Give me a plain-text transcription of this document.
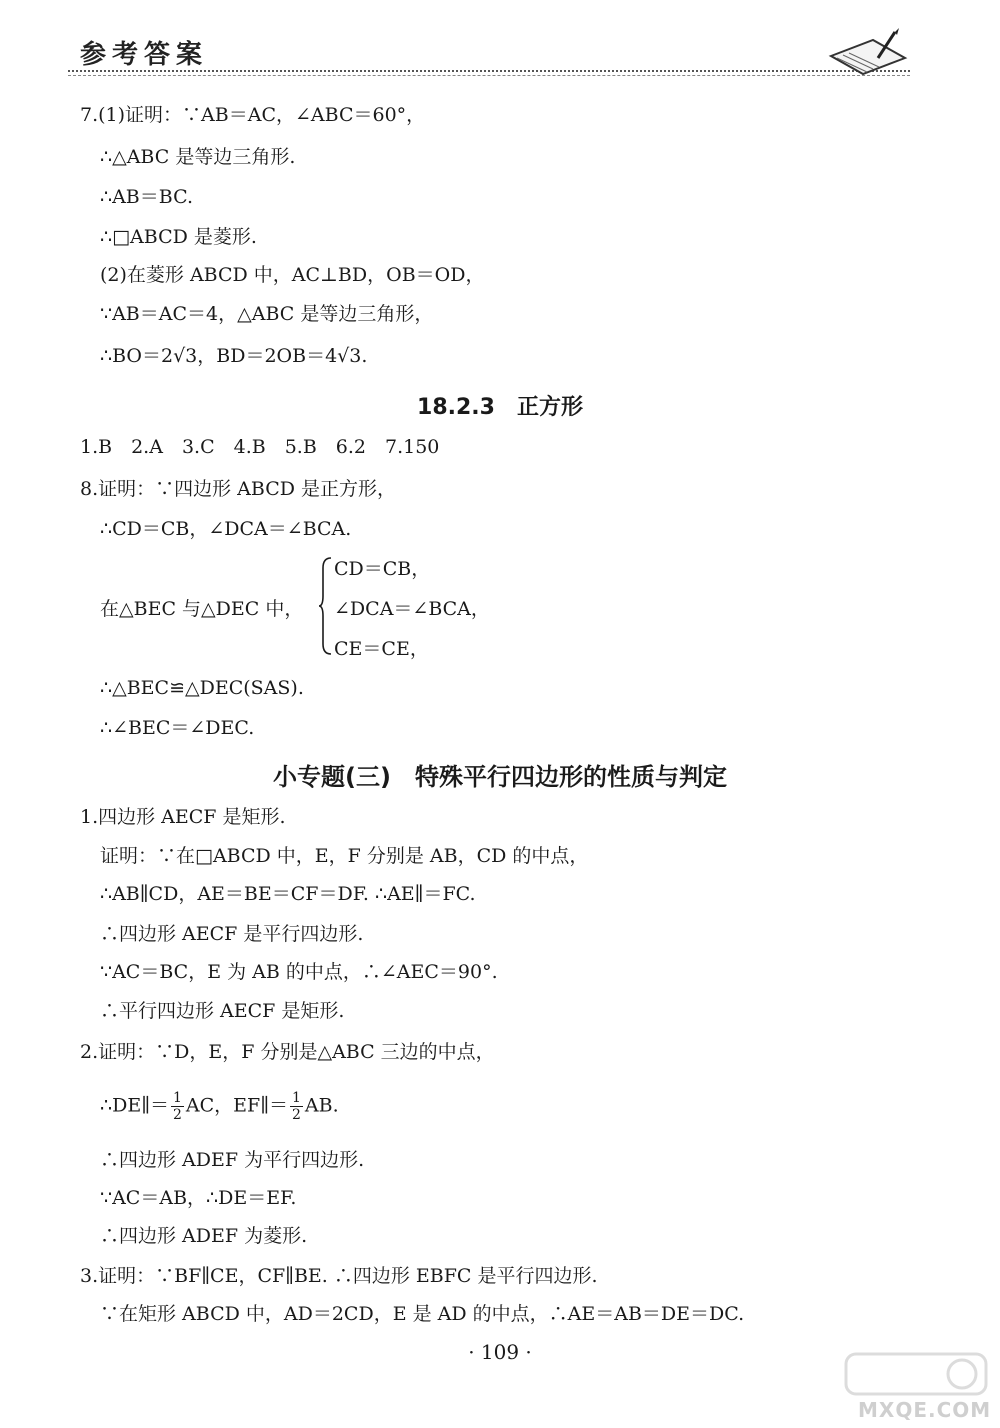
参考答案
7.(1)证明：∵AB＝AC，∠ABC＝60°，
∴△ABC 是等边三角形.
∴AB＝BC.
∴□ABCD 是菱形.
(2)在菱形 ABCD 中，AC⊥BD，OB＝OD，
∵AB＝AC＝4，△ABC 是等边三角形，
∴BO＝2√3，BD＝2OB＝4√3.
18.2.3　正方形
1.B　2.A　3.C　4.B　5.B　6.2　7.150
8.证明：∵四边形 ABCD 是正方形，
∴CD＝CB，∠DCA＝∠BCA.
在△BEC 与△DEC 中，
CD＝CB，
∠DCA＝∠BCA，
CE＝CE，
∴△BEC≌△DEC(SAS).
∴∠BEC＝∠DEC.
小专题(三)　特殊平行四边形的性质与判定
1.四边形 AECF 是矩形.
证明：∵在□ABCD 中，E，F 分别是 AB，CD 的中点，
∴AB∥CD，AE＝BE＝CF＝DF. ∴AE∥＝FC.
∴四边形 AECF 是平行四边形.
∵AC＝BC，E 为 AB 的中点，∴∠AEC＝90°.
∴平行四边形 AECF 是矩形.
2.证明：∵D，E，F 分别是△ABC 三边的中点，
∴DE∥＝ $\frac{1}{2}$ AC，EF∥＝ $\frac{1}{2}$ AB.
∴四边形 ADEF 为平行四边形.
∵AC＝AB，∴DE＝EF.
∴四边形 ADEF 为菱形.
3.证明：∵BF∥CE，CF∥BE. ∴四边形 EBFC 是平行四边形.
∵在矩形 ABCD 中，AD＝2CD，E 是 AD 的中点，∴AE＝AB＝DE＝DC.
· 109 ·
MXQE.COM
